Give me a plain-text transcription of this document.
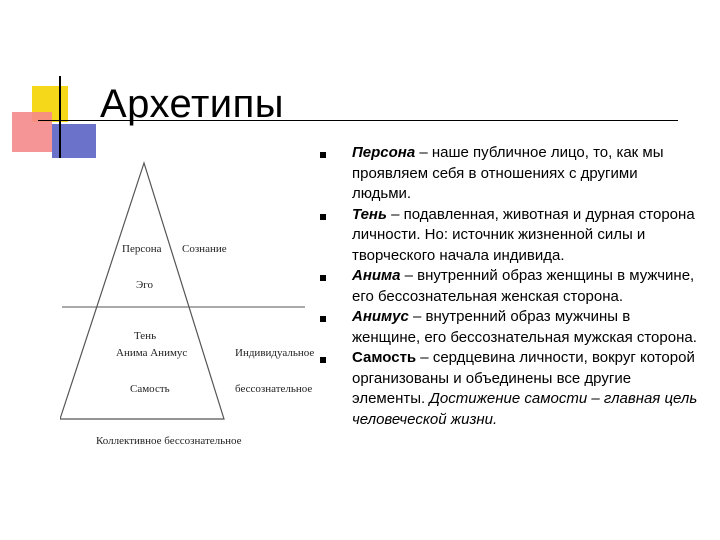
Архетипы
Персона Сознание
Эго
Тень
Анима Анимус	Индивидуальное
Самость	бессознательное
Коллективное бессознательное
Персона – наше публичное лицо, то, как мы проявляем себя в отношениях с другими людьми.
Тень – подавленная, животная и дурная сторона личности. Но: источник жизненной силы и творческого начала индивида.
Анима – внутренний образ женщины в мужчине, его бессознательная женская сторона.
Анимус – внутренний образ мужчины в женщине, его бессознательная мужская сторона.
Самость – сердцевина личности, вокруг которой организованы и объединены все другие элементы. Достижение самости – главная цель человеческой жизни.
